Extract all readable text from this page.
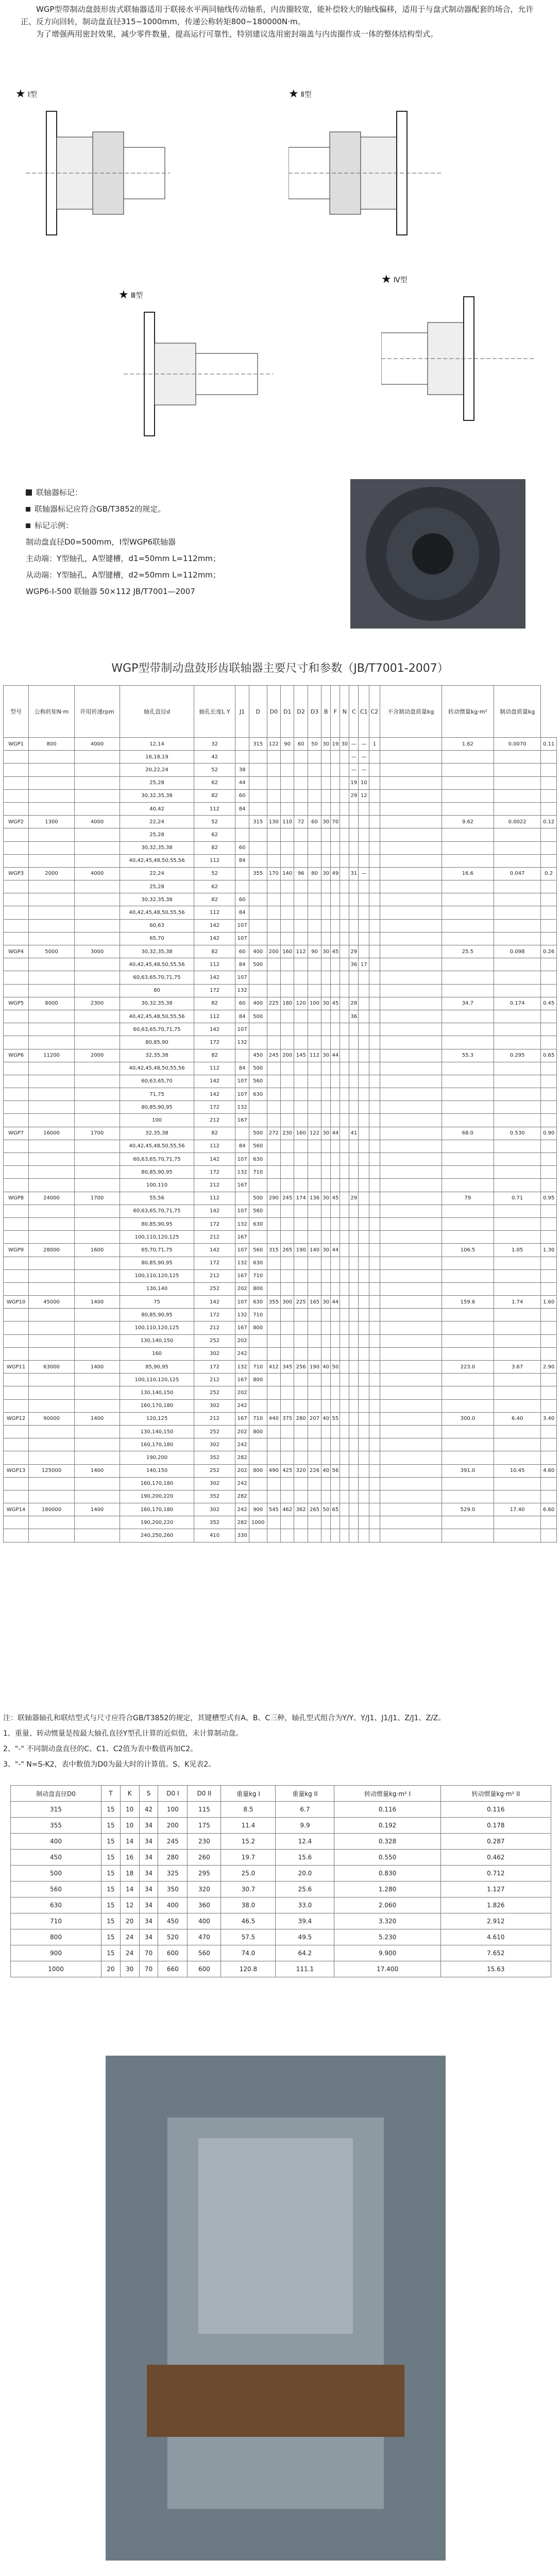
WGP型带制动盘鼓形齿式联轴器适用于联接水平两同轴线传动轴系，内齿圈较宽，能补偿较大的轴线偏移，适用于与盘式制动器配套的场合，允许正、反方向回转，制动盘直径315~1000mm，传递公称转矩800~180000N·m。

为了增强两用密封效果，减少零件数量，提高运行可靠性，特别建议选用密封端盖与内齿圈作成一体的整体结构型式。

★ Ⅰ型	★ Ⅱ型
★ Ⅲ型
★ Ⅳ型
联轴器标记：
联轴器标记应符合GB/T3852的规定。
标记示例：
制动盘直径D0=500mm，Ⅰ型WGP6联轴器
主动端：Y型轴孔，A型键槽，d1=50mm L=112mm；
从动端：Y型轴孔，A型键槽，d2=50mm L=112mm；
WGP6-Ⅰ-500 联轴器 50×112 JB/T7001—2007
WGP型带制动盘鼓形齿联轴器主要尺寸和参数（JB/T7001-2007）
型号	公称转矩N·m	许用转速rpm	轴孔直径d	轴孔长度L Y	J1	D	D0	D1	D2	D3	B	F	N	C	C1	C2	不含制动盘质量kg	转动惯量kg·m²	制动盘质量kg	
WGP1	800	4000	12,14	32		315	122	90	60	50	30	19	30	—	—	1		1.62	0.0070	0.11
			16,18,19	42										—	—					
			20,22,24	52	38									—	—					
			25,28	62	44									19	10					
			30,32,35,38	82	60									29	12					
			40,42	112	84															
WGP2	1300	4000	22,24	52		315	130	110	72	60	30	70						9.62	0.0022	0.12
			25,28	62																
			30,32,35,38	82	60															
			40,42,45,48,50,55,56	112	84															
WGP3	2000	4000	22,24	52		355	170	140	96	80	30	49		31	—			16.6	0.047	0.2
			25,28	62																
			30,32,35,38	82	60															
			40,42,45,48,50,55,56	112	84															
			60,63	142	107															
			65,70	142	107															
WGP4	5000	3000	30,32,35,38	82	60	400	200	160	112	90	30	45		29				25.5	0.098	0.26
			40,42,45,48,50,55,56	112	84	500								36	17					
			60,63,65,70,71,75	142	107															
			80	172	132															
WGP5	8000	2300	30,32,35,38	82	60	400	225	180	120	100	30	45		28				34.7	0.174	0.45
			40,42,45,48,50,55,56	112	84	500								36						
			60,63,65,70,71,75	142	107															
			80,85,90	172	132															
WGP6	11200	2000	32,35,38	82		450	245	200	145	112	30	44						55.3	0.295	0.65
			40,42,45,48,50,55,56	112	84	500														
			60,63,65,70	142	107	560														
			71,75	142	107	630														
			80,85,90,95	172	132															
			100	212	167															
WGP7	16000	1700	32,35,38	82		500	272	230	160	122	30	44		41				68.0	0.530	0.90
			40,42,45,48,50,55,56	112	84	560														
			60,63,65,70,71,75	142	107	630														
			80,85,90,95	172	132	710														
			100,110	212	167															
WGP8	24000	1700	55,56	112		500	290	245	174	136	30	45		29				79	0.71	0.95
			60,63,65,70,71,75	142	107	560														
			80,85,90,95	172	132	630														
			100,110,120,125	212	167															
WGP9	28000	1600	65,70,71,75	142	107	560	315	265	190	140	30	44						106.5	1.05	1.30
			80,85,90,95	172	132	630														
			100,110,120,125	212	167	710														
			130,140	252	202	800														
WGP10	45000	1400	75	142	107	630	355	300	225	165	30	44						159.6	1.74	1.60
			80,85,90,95	172	132	710														
			100,110,120,125	212	167	800														
			130,140,150	252	202															
			160	302	242															
WGP11	63000	1400	85,90,95	172	132	710	412	345	256	190	40	50						223.0	3.67	2.90
			100,110,120,125	212	167	800														
			130,140,150	252	202															
			160,170,180	302	242															
WGP12	90000	1400	120,125	212	167	710	440	375	280	207	40	55						300.0	6.40	3.40
			130,140,150	252	202	800														
			160,170,180	302	242															
			190,200	352	282															
WGP13	125000	1400	140,150	252	202	800	490	425	320	226	40	56						391.0	10.45	4.60
			160,170,180	302	242															
			190,200,220	352	282															
WGP14	180000	1400	160,170,180	302	242	900	545	462	362	265	50	65						529.0	17.40	6.60
			190,200,220	352	282	1000														
			240,250,260	410	330															
注：联轴器轴孔和联结型式与尺寸应符合GB/T3852的规定，其键槽型式有A、B、C三种，轴孔型式组合为Y/Y、Y/J1、J1/J1、Z/J1、Z/Z。
1、重量、转动惯量是按最大轴孔直径Y型孔计算的近似值，未计算制动盘。
2、"-" 不同制动盘直径的C、C1、C2值为表中数值再加C2。
3、"-" N=S-K2，表中数值为D0为最大时的计算值。S、K见表2。
制动盘直径D0	T	K	S	D0 I	D0 II	重量kg I	重量kg II	转动惯量kg·m² I	转动惯量kg·m² II
315	15	10	42	100	115	8.5	6.7	0.116	0.116
355	15	10	34	200	175	11.4	9.9	0.192	0.178
400	15	14	34	245	230	15.2	12.4	0.328	0.287
450	15	16	34	280	260	19.7	15.6	0.550	0.462
500	15	18	34	325	295	25.0	20.0	0.830	0.712
560	15	14	34	350	320	30.7	25.6	1.280	1.127
630	15	12	34	400	360	38.0	33.0	2.060	1.826
710	15	20	34	450	400	46.5	39.4	3.320	2.912
800	15	24	34	520	470	57.5	49.5	5.230	4.610
900	15	24	70	600	560	74.0	64.2	9.900	7.652
1000	20	30	70	660	600	120.8	111.1	17.400	15.63
